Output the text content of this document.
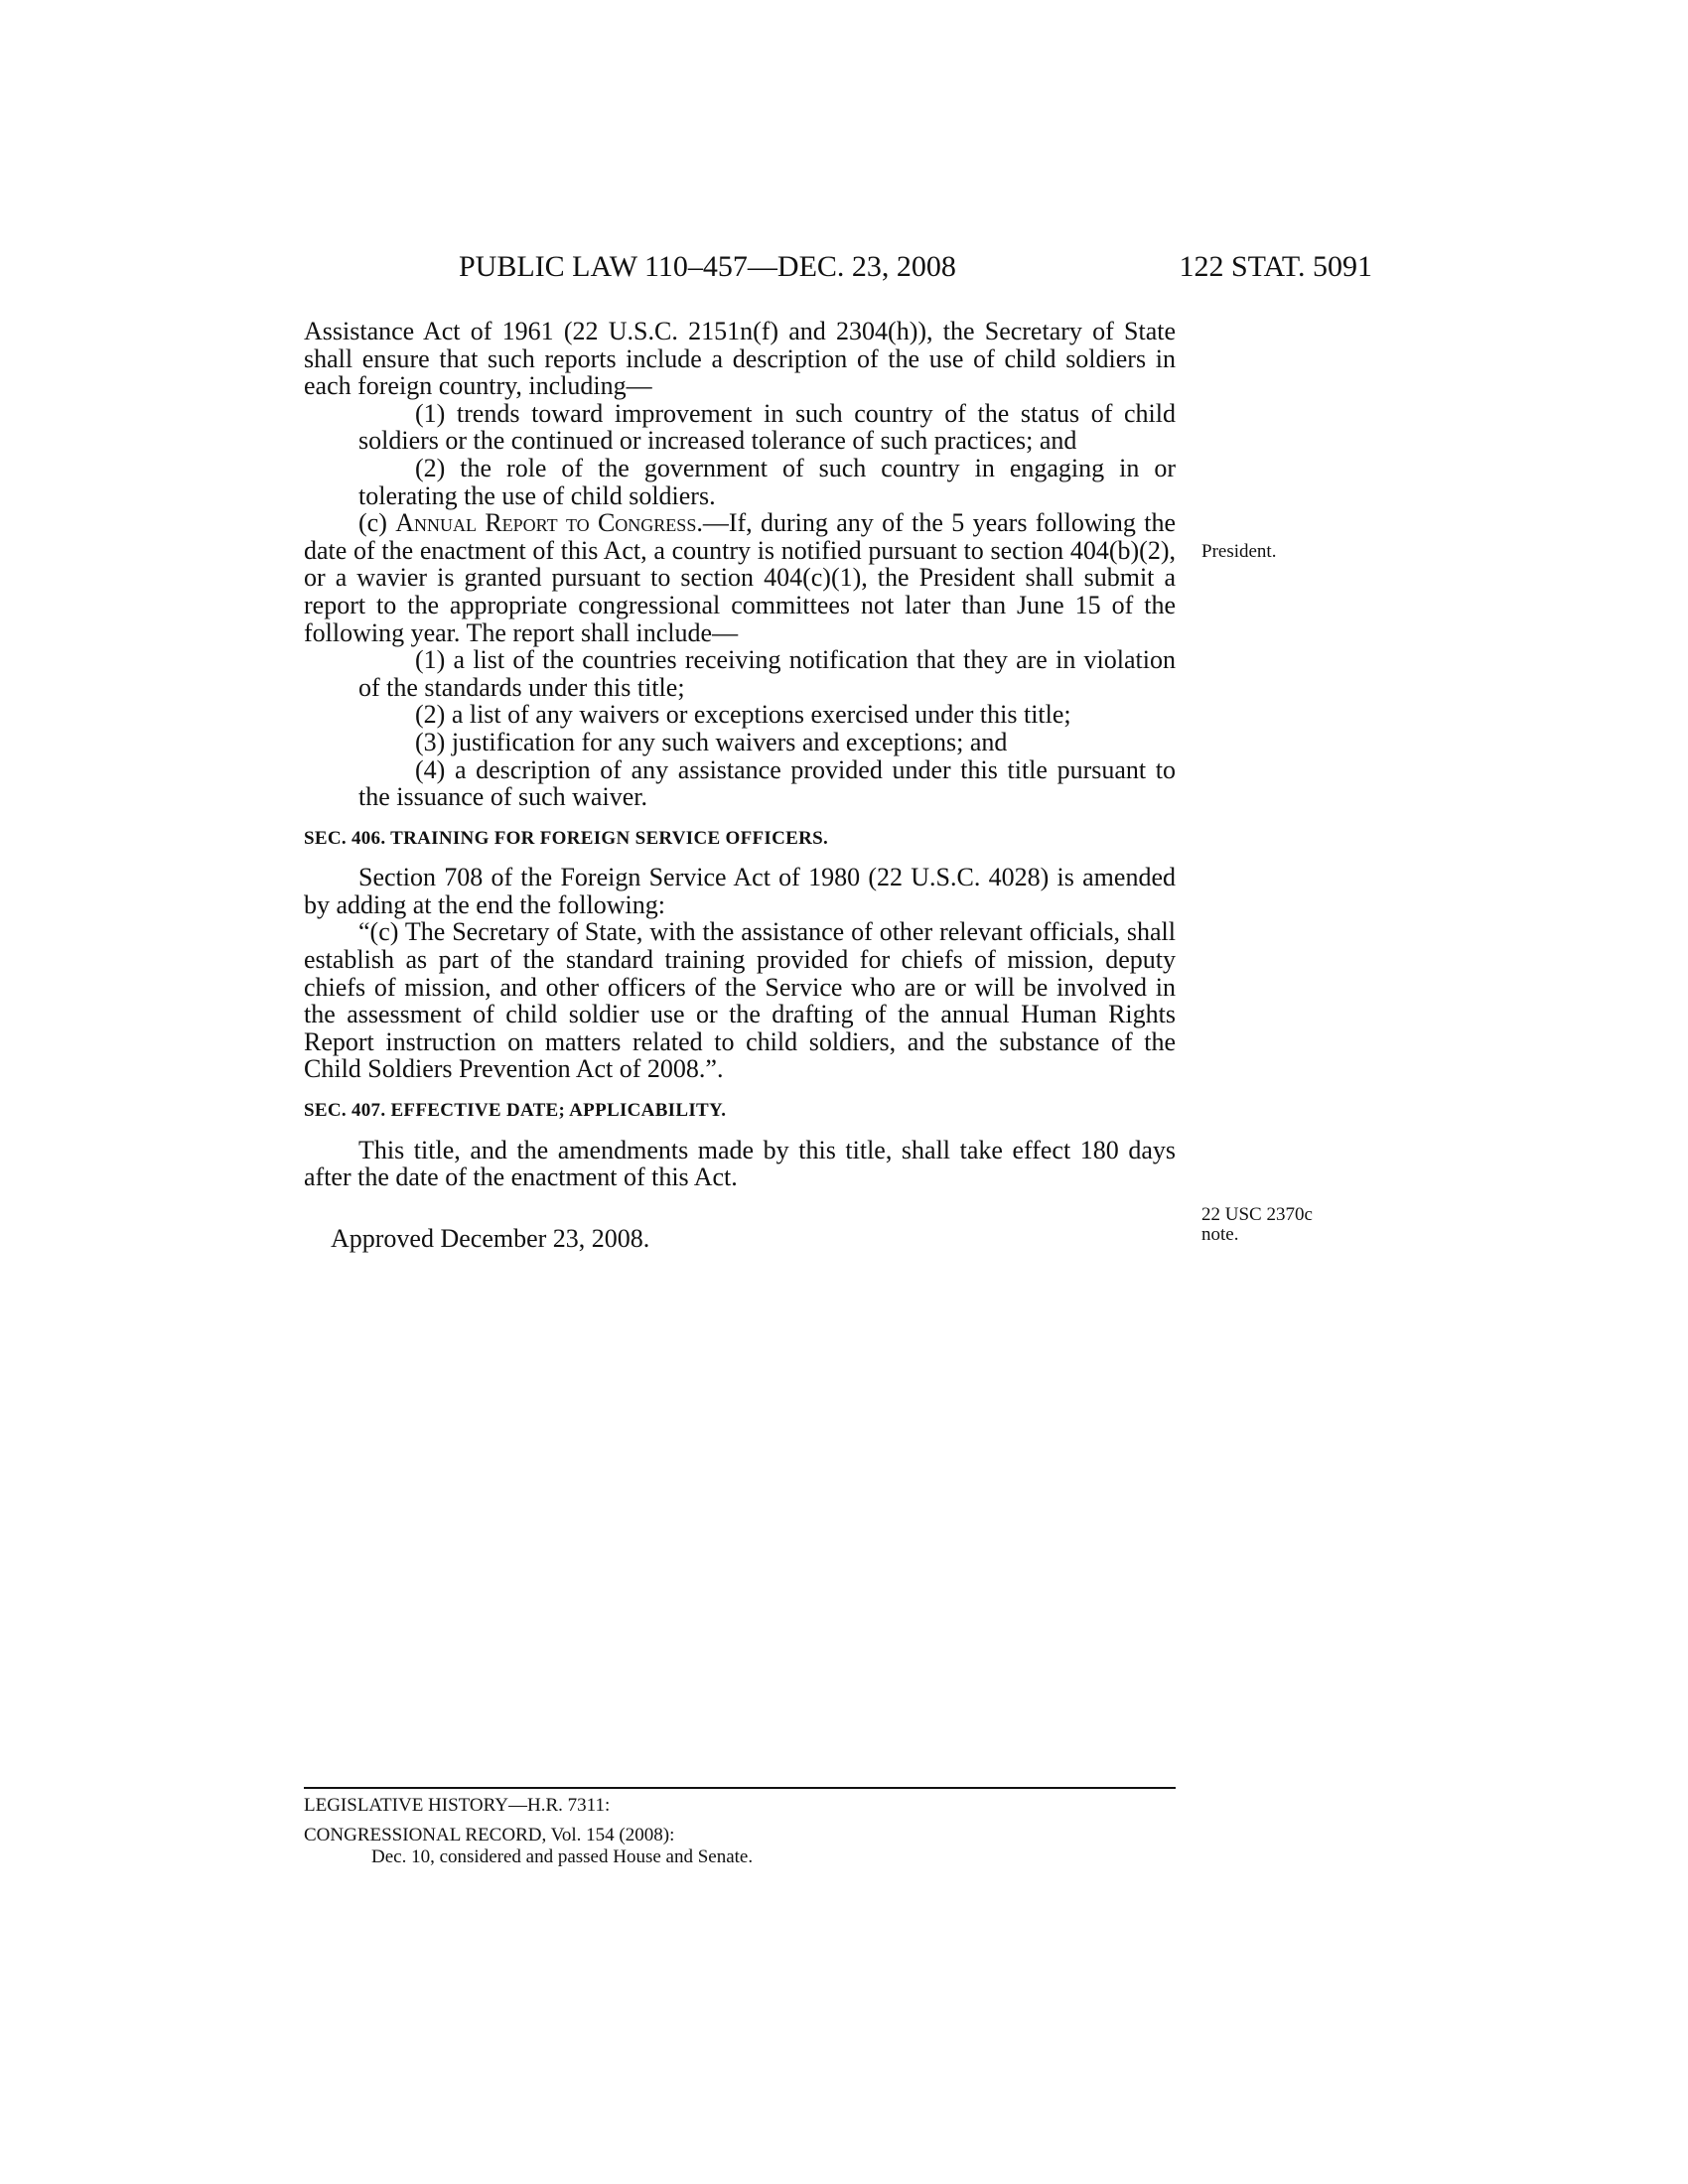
PUBLIC LAW 110–457—DEC. 23, 2008	122 STAT. 5091

Assistance Act of 1961 (22 U.S.C. 2151n(f) and 2304(h)), the Secretary of State shall ensure that such reports include a description of the use of child soldiers in each foreign country, including—

(1) trends toward improvement in such country of the status of child soldiers or the continued or increased tolerance of such practices; and

(2) the role of the government of such country in engaging in or tolerating the use of child soldiers.

(c) Annual Report to Congress.—If, during any of the 5 years following the date of the enactment of this Act, a country is notified pursuant to section 404(b)(2), or a wavier is granted pursuant to section 404(c)(1), the President shall submit a report to the appropriate congressional committees not later than June 15 of the following year. The report shall include—

(1) a list of the countries receiving notification that they are in violation of the standards under this title;

(2) a list of any waivers or exceptions exercised under this title;

(3) justification for any such waivers and exceptions; and

(4) a description of any assistance provided under this title pursuant to the issuance of such waiver.

SEC. 406. TRAINING FOR FOREIGN SERVICE OFFICERS.

Section 708 of the Foreign Service Act of 1980 (22 U.S.C. 4028) is amended by adding at the end the following:

“(c) The Secretary of State, with the assistance of other relevant officials, shall establish as part of the standard training provided for chiefs of mission, deputy chiefs of mission, and other officers of the Service who are or will be involved in the assessment of child soldier use or the drafting of the annual Human Rights Report instruction on matters related to child soldiers, and the substance of the Child Soldiers Prevention Act of 2008.”.

SEC. 407. EFFECTIVE DATE; APPLICABILITY.

This title, and the amendments made by this title, shall take effect 180 days after the date of the enactment of this Act.

Approved December 23, 2008.

President.
22 USC 2370c
note.
LEGISLATIVE HISTORY—H.R. 7311:
CONGRESSIONAL RECORD, Vol. 154 (2008):
Dec. 10, considered and passed House and Senate.
